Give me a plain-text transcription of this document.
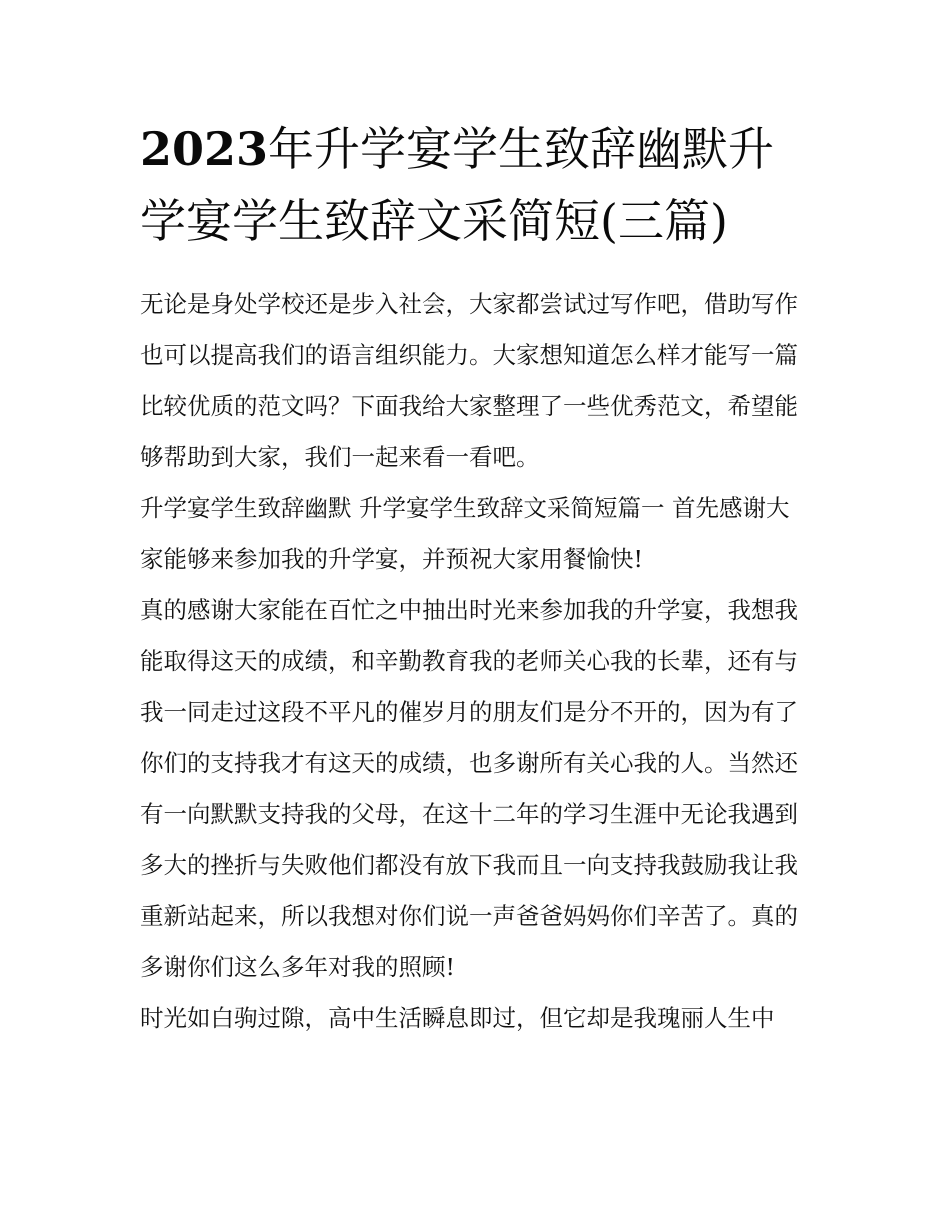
2023年升学宴学生致辞幽默升学宴学生致辞文采简短(三篇)

无论是身处学校还是步入社会，大家都尝试过写作吧，借助写作也可以提高我们的语言组织能力。大家想知道怎么样才能写一篇比较优质的范文吗？下面我给大家整理了一些优秀范文，希望能够帮助到大家，我们一起来看一看吧。

升学宴学生致辞幽默 升学宴学生致辞文采简短篇一 首先感谢大家能够来参加我的升学宴，并预祝大家用餐愉快!

真的感谢大家能在百忙之中抽出时光来参加我的升学宴，我想我能取得这天的成绩，和辛勤教育我的老师关心我的长辈，还有与我一同走过这段不平凡的催岁月的朋友们是分不开的，因为有了你们的支持我才有这天的成绩，也多谢所有关心我的人。当然还有一向默默支持我的父母，在这十二年的学习生涯中无论我遇到多大的挫折与失败他们都没有放下我而且一向支持我鼓励我让我重新站起来，所以我想对你们说一声爸爸妈妈你们辛苦了。真的多谢你们这么多年对我的照顾!

时光如白驹过隙，高中生活瞬息即过，但它却是我瑰丽人生中
